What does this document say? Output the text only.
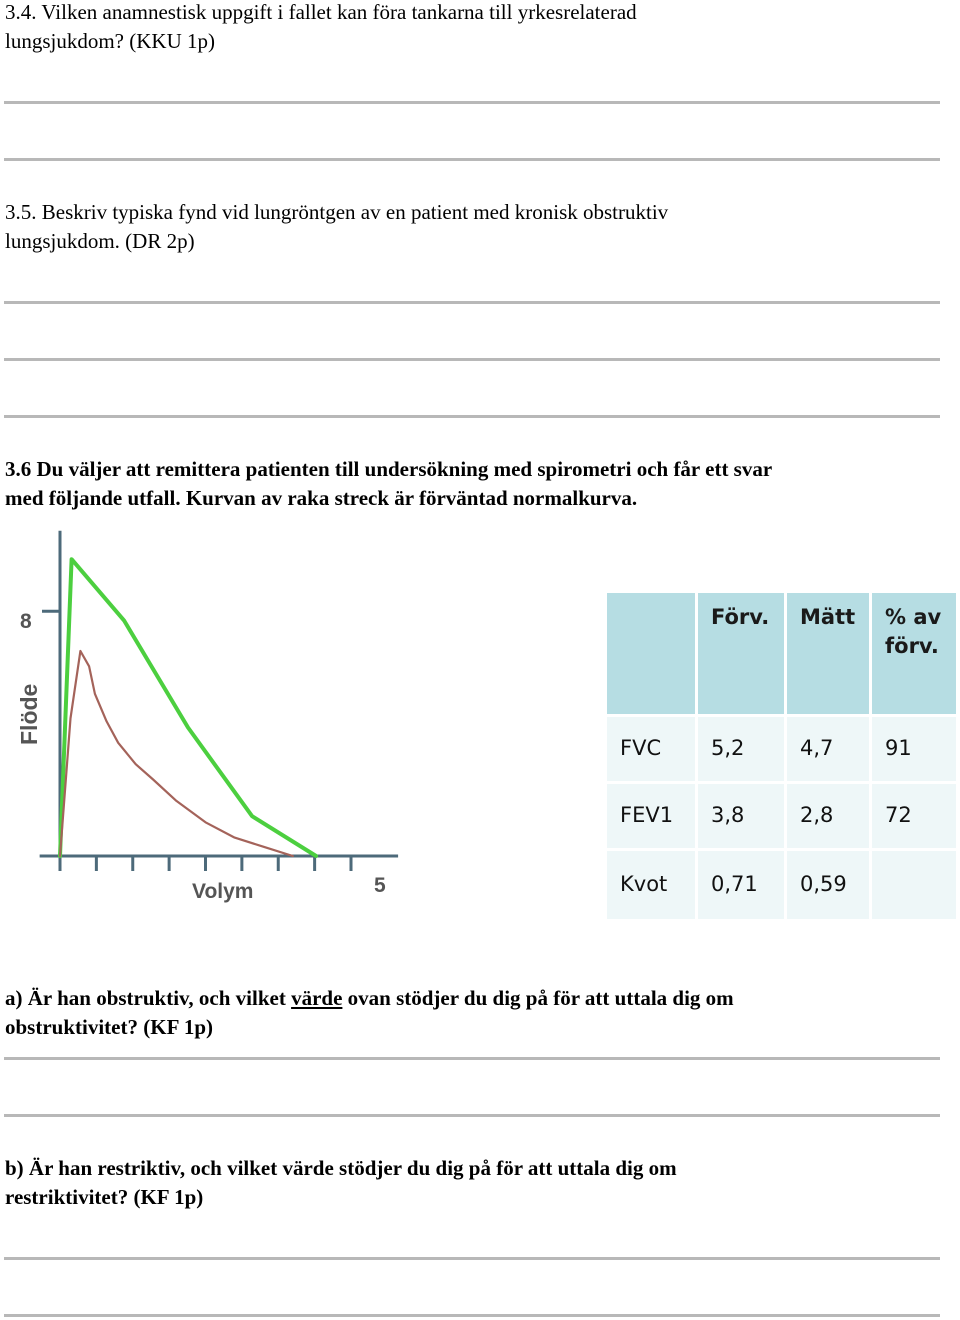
3.4. Vilken anamnestisk uppgift i fallet kan föra tankarna till yrkesrelaterad
lungsjukdom? (KKU 1p)
3.5. Beskriv typiska fynd vid lungröntgen av en patient med kronisk obstruktiv
lungsjukdom. (DR 2p)
3.6 Du väljer att remittera patienten till undersökning med spirometri och får ett svar
med följande utfall. Kurvan av raka streck är förväntad normalkurva.
Flöde
Volym	5
8	Förv.	Mätt	% av förv.
FVC	5,2	4,7	91
FEV1	3,8	2,8	72
Kvot	0,71	0,59
a) Är han obstruktiv, och vilket värde ovan stödjer du dig på för att uttala dig om
obstruktivitet? (KF 1p)
b) Är han restriktiv, och vilket värde stödjer du dig på för att uttala dig om
restriktivitet? (KF 1p)
